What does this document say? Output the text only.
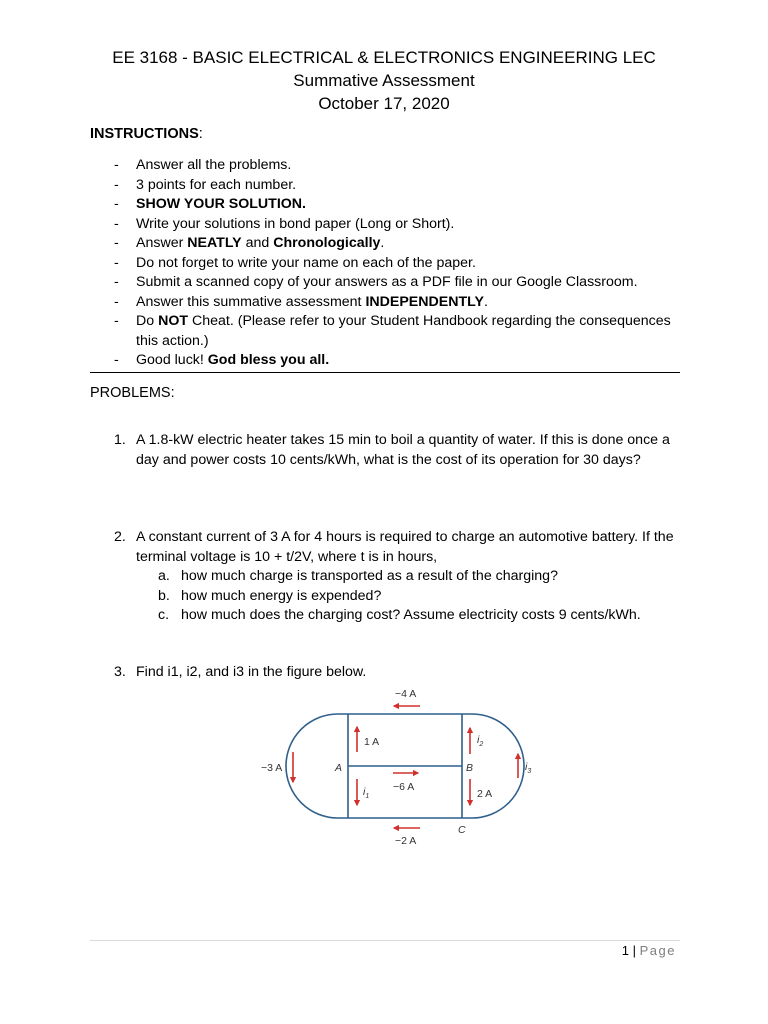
EE 3168 - BASIC ELECTRICAL & ELECTRONICS ENGINEERING LEC
Summative Assessment
October 17, 2020
INSTRUCTIONS:
- Answer all the problems.
- 3 points for each number.
- SHOW YOUR SOLUTION.
- Write your solutions in bond paper (Long or Short).
- Answer NEATLY and Chronologically.
- Do not forget to write your name on each of the paper.
- Submit a scanned copy of your answers as a PDF file in our Google Classroom.
- Answer this summative assessment INDEPENDENTLY.
- Do NOT Cheat. (Please refer to your Student Handbook regarding the consequences this action.)
- Good luck! God bless you all.
PROBLEMS:
1. A 1.8-kW electric heater takes 15 min to boil a quantity of water. If this is done once a day and power costs 10 cents/kWh, what is the cost of its operation for 30 days?
2. A constant current of 3 A for 4 hours is required to charge an automotive battery. If the terminal voltage is 10 + t/2V, where t is in hours,
a. how much charge is transported as a result of the charging?
b. how much energy is expended?
c. how much does the charging cost? Assume electricity costs 9 cents/kWh.
3. Find i1, i2, and i3 in the figure below.
−4 A
−2 A
−3 A
−6 A
1 A
2 A
A	B
C
$i_1$
$i_2$
$i_3$
1 | Page
